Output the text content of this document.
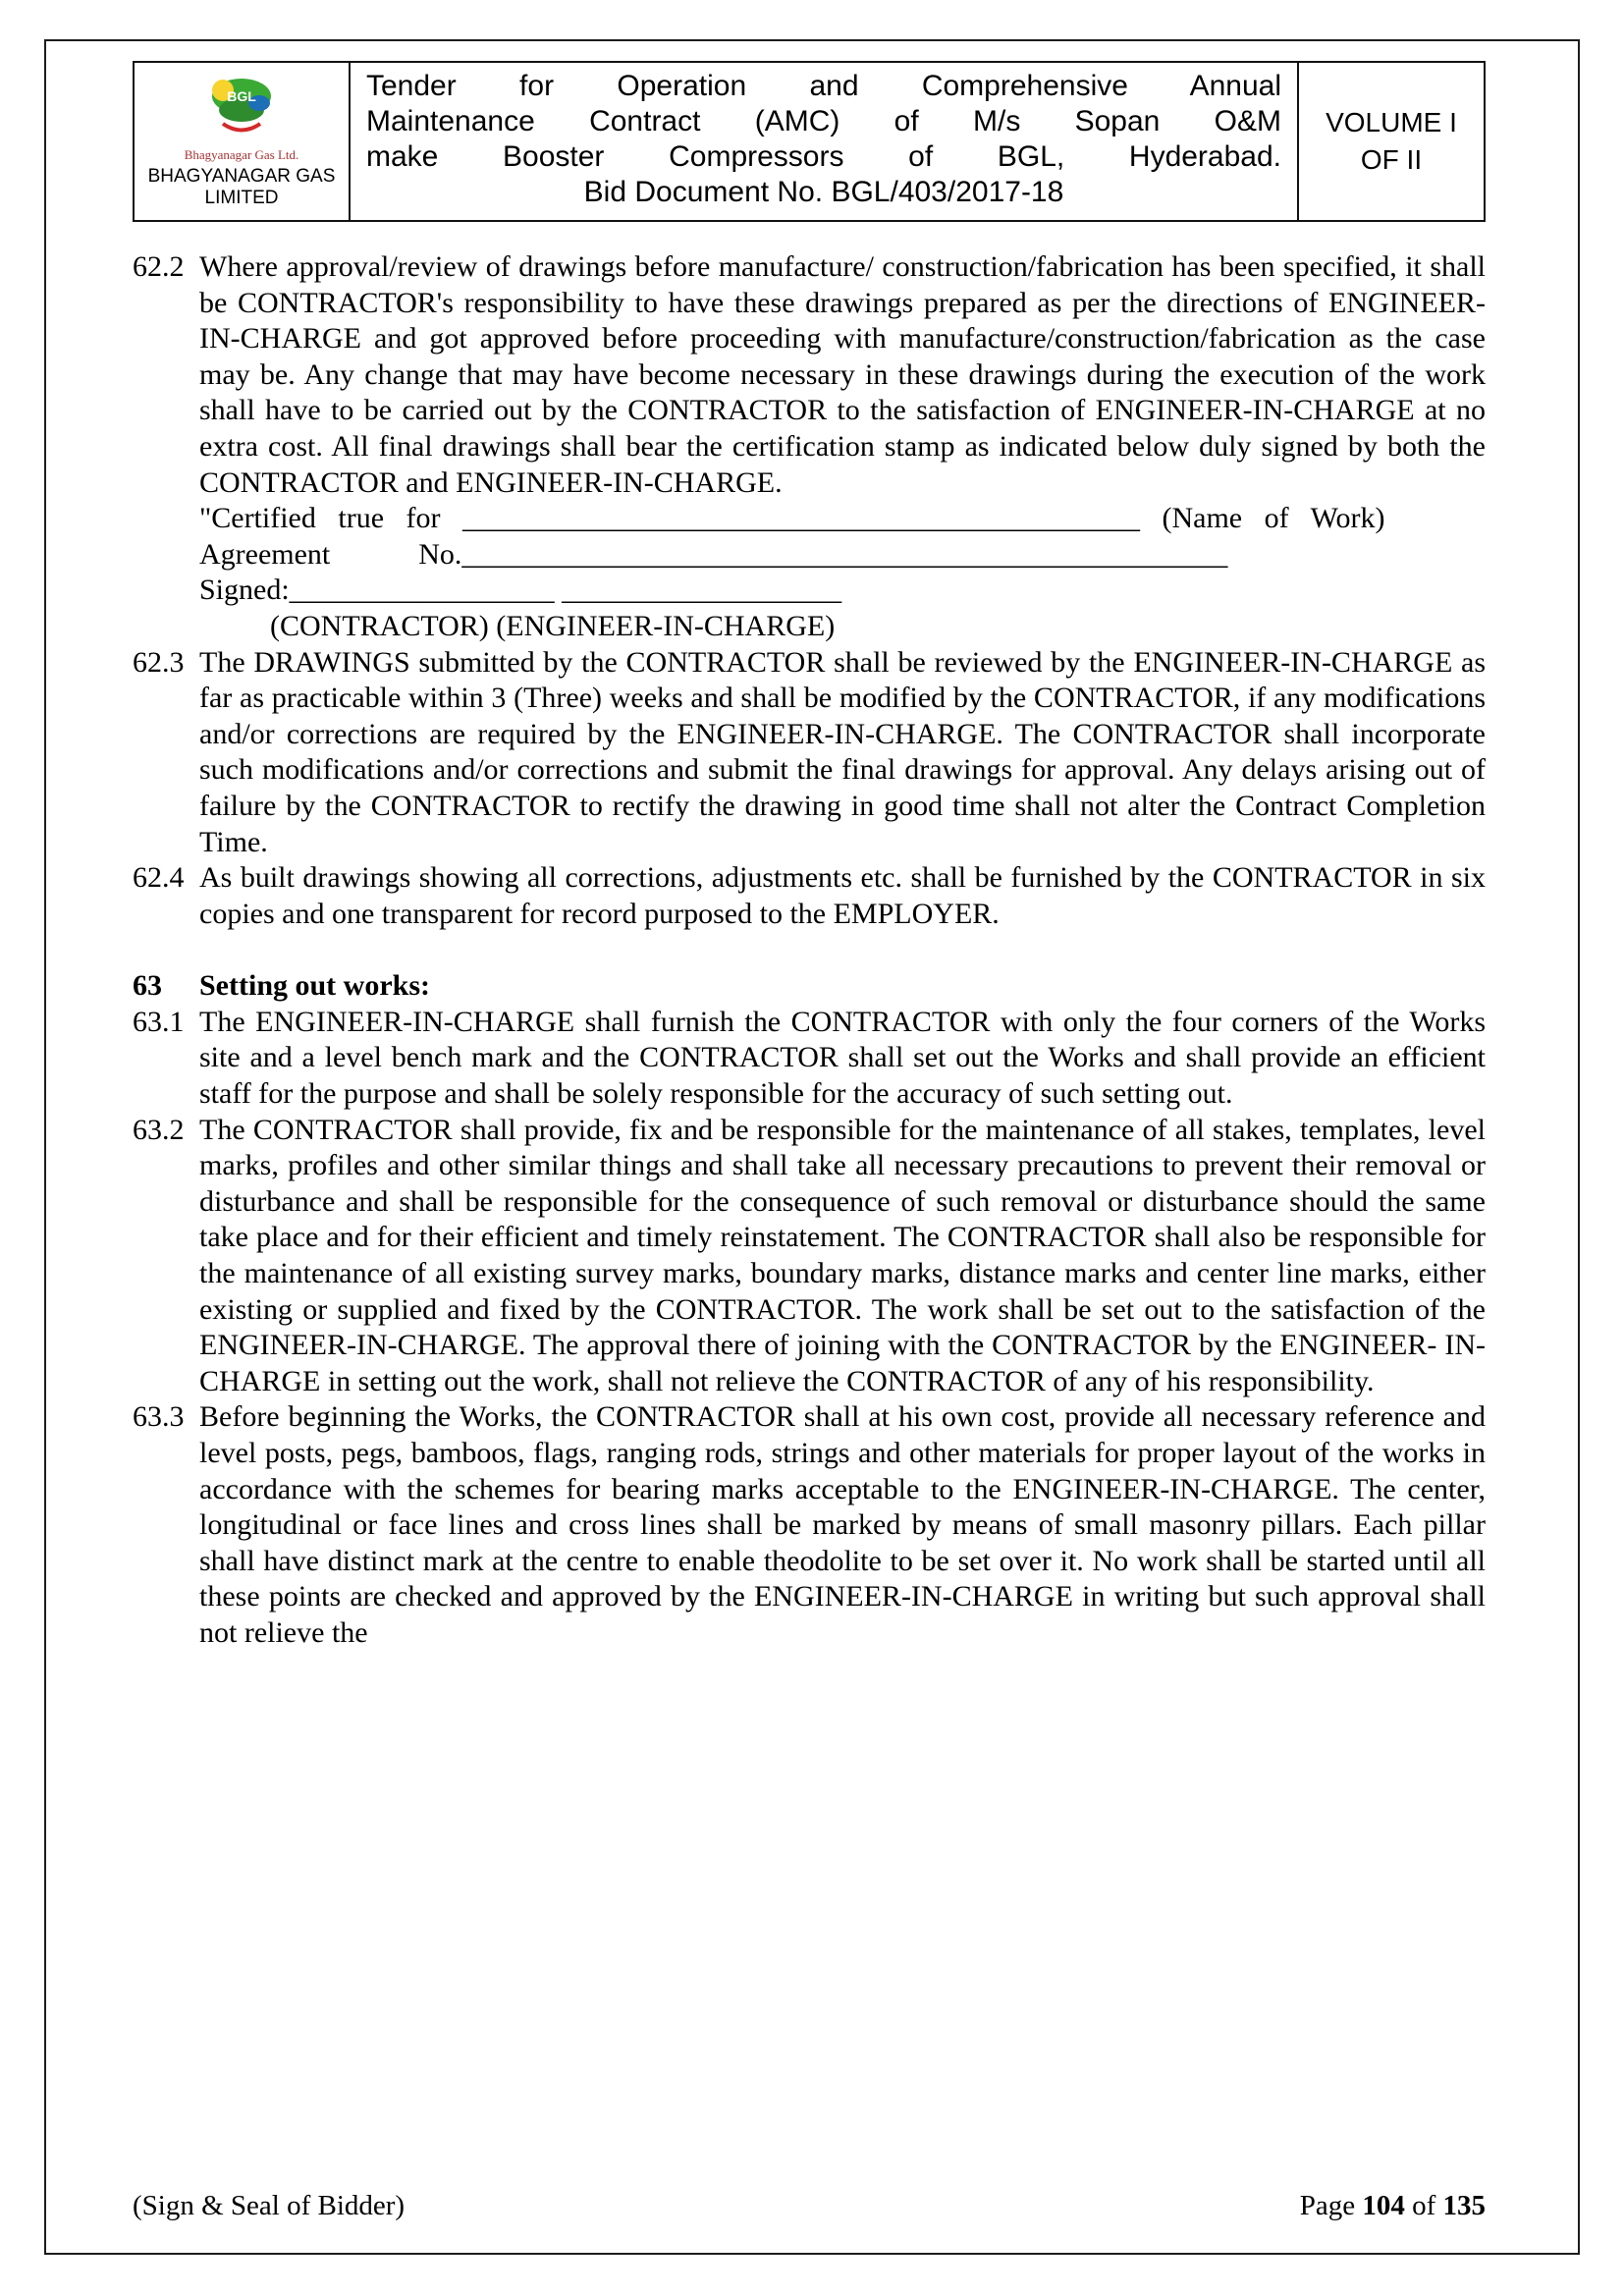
BGL
Bhagyanagar Gas Ltd.
BHAGYANAGAR GAS LIMITED

Tender for Operation and Comprehensive Annual
Maintenance Contract (AMC) of M/s Sopan O&M
make Booster Compressors of BGL, Hyderabad.
Bid Document No. BGL/403/2017-18

VOLUME I
OF II
62.2 Where approval/review of drawings before manufacture/ construction/fabrication has been specified, it shall be CONTRACTOR's responsibility to have these drawings prepared as per the directions of ENGINEER-IN-CHARGE and got approved before proceeding with manufacture/construction/fabrication as the case may be. Any change that may have become necessary in these drawings during the execution of the work shall have to be carried out by the CONTRACTOR to the satisfaction of ENGINEER-IN-CHARGE at no extra cost. All final drawings shall bear the certification stamp as indicated below duly signed by both the CONTRACTOR and ENGINEER-IN-CHARGE.

"Certified   true   for   ______________________________________________   (Name   of   Work)

Agreement            No.____________________________________________________

Signed:__________________ ___________________

(CONTRACTOR) (ENGINEER-IN-CHARGE)

62.3 The DRAWINGS submitted by the CONTRACTOR shall be reviewed by the ENGINEER-IN-CHARGE as far as practicable within 3 (Three) weeks and shall be modified by the CONTRACTOR, if any modifications and/or corrections are required by the ENGINEER-IN-CHARGE. The CONTRACTOR shall incorporate such modifications and/or corrections and submit the final drawings for approval. Any delays arising out of failure by the CONTRACTOR to rectify the drawing in good time shall not alter the Contract Completion Time.

62.4 As built drawings showing all corrections, adjustments etc. shall be furnished by the CONTRACTOR in six copies and one transparent for record purposed to the EMPLOYER.

63	Setting out works:

63.1 The ENGINEER-IN-CHARGE shall furnish the CONTRACTOR with only the four corners of the Works site and a level bench mark and the CONTRACTOR shall set out the Works and shall provide an efficient staff for the purpose and shall be solely responsible for the accuracy of such setting out.

63.2 The CONTRACTOR shall provide, fix and be responsible for the maintenance of all stakes, templates, level marks, profiles and other similar things and shall take all necessary precautions to prevent their removal or disturbance and shall be responsible for the consequence of such removal or disturbance should the same take place and for their efficient and timely reinstatement. The CONTRACTOR shall also be responsible for the maintenance of all existing survey marks, boundary marks, distance marks and center line marks, either existing or supplied and fixed by the CONTRACTOR. The work shall be set out to the satisfaction of the ENGINEER-IN-CHARGE. The approval there of joining with the CONTRACTOR by the ENGINEER- IN-CHARGE in setting out the work, shall not relieve the CONTRACTOR of any of his responsibility.

63.3 Before beginning the Works, the CONTRACTOR shall at his own cost, provide all necessary reference and level posts, pegs, bamboos, flags, ranging rods, strings and other materials for proper layout of the works in accordance with the schemes for bearing marks acceptable to the ENGINEER-IN-CHARGE. The center, longitudinal or face lines and cross lines shall be marked by means of small masonry pillars. Each pillar shall have distinct mark at the centre to enable theodolite to be set over it. No work shall be started until all these points are checked and approved by the ENGINEER-IN-CHARGE in writing but such approval shall not relieve the

(Sign & Seal of Bidder)	Page 104 of 135
